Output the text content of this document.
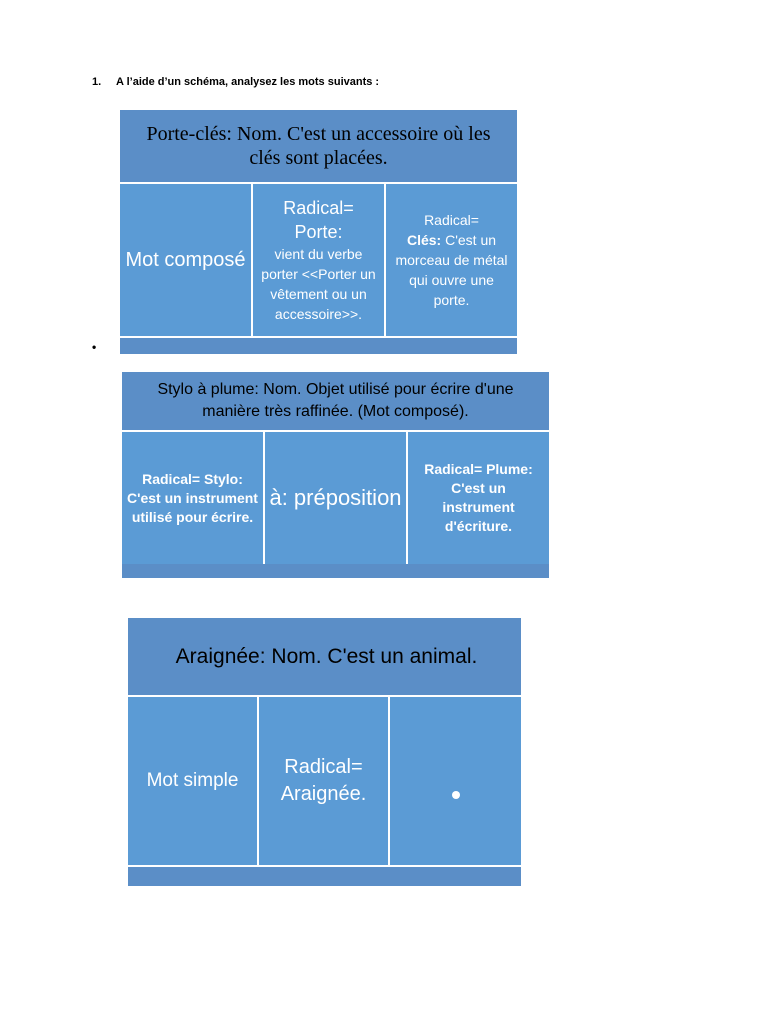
1. A l’aide d’un schéma, analysez les mots suivants :
Porte-clés: Nom. C'est un accessoire où les clés sont placées.
Mot composé
Radical= Porte:
vient du verbe porter <<Porter un vêtement ou un accessoire>>.
Radical=
Clés: C'est un morceau de métal qui ouvre une porte.
•
Stylo à plume: Nom. Objet utilisé pour écrire d'une manière très raffinée. (Mot composé).
Radical= Stylo: C'est un instrument utilisé pour écrire.
à: préposition
Radical= Plume: C'est un instrument d'écriture.
Araignée: Nom. C'est un animal.
Mot simple
Radical= Araignée.
